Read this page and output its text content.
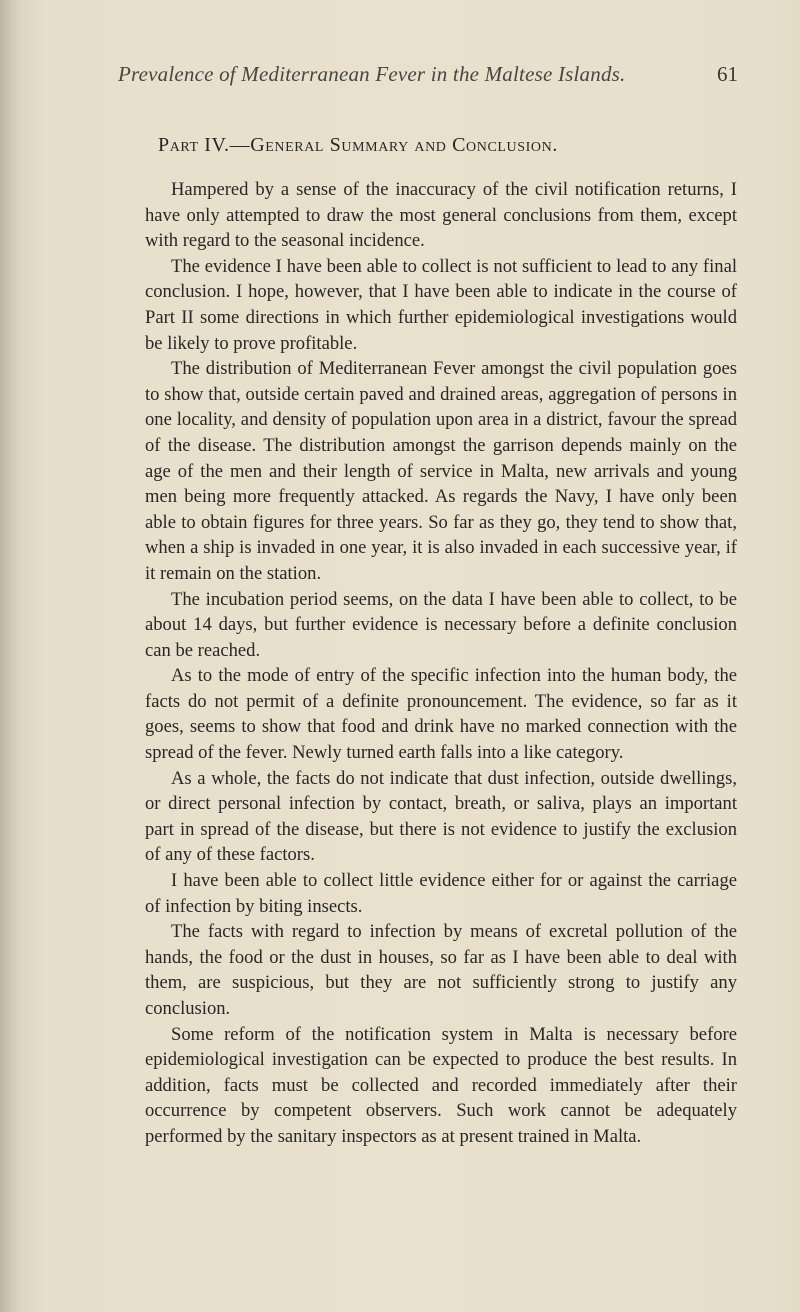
Prevalence of Mediterranean Fever in the Maltese Islands.	61
Part IV.—General Summary and Conclusion.

Hampered by a sense of the inaccuracy of the civil notification returns, I have only attempted to draw the most general conclusions from them, except with regard to the seasonal incidence.

The evidence I have been able to collect is not sufficient to lead to any final conclusion. I hope, however, that I have been able to indicate in the course of Part II some directions in which further epidemiological investigations would be likely to prove profitable.

The distribution of Mediterranean Fever amongst the civil population goes to show that, outside certain paved and drained areas, aggregation of persons in one locality, and density of population upon area in a district, favour the spread of the disease. The distribution amongst the garrison depends mainly on the age of the men and their length of service in Malta, new arrivals and young men being more frequently attacked. As regards the Navy, I have only been able to obtain figures for three years. So far as they go, they tend to show that, when a ship is invaded in one year, it is also invaded in each successive year, if it remain on the station.

The incubation period seems, on the data I have been able to collect, to be about 14 days, but further evidence is necessary before a definite conclusion can be reached.

As to the mode of entry of the specific infection into the human body, the facts do not permit of a definite pronouncement. The evidence, so far as it goes, seems to show that food and drink have no marked connection with the spread of the fever. Newly turned earth falls into a like category.

As a whole, the facts do not indicate that dust infection, outside dwellings, or direct personal infection by contact, breath, or saliva, plays an important part in spread of the disease, but there is not evidence to justify the exclusion of any of these factors.

I have been able to collect little evidence either for or against the carriage of infection by biting insects.

The facts with regard to infection by means of excretal pollution of the hands, the food or the dust in houses, so far as I have been able to deal with them, are suspicious, but they are not sufficiently strong to justify any conclusion.

Some reform of the notification system in Malta is necessary before epidemiological investigation can be expected to produce the best results. In addition, facts must be collected and recorded immediately after their occurrence by competent observers. Such work cannot be adequately performed by the sanitary inspectors as at present trained in Malta.
